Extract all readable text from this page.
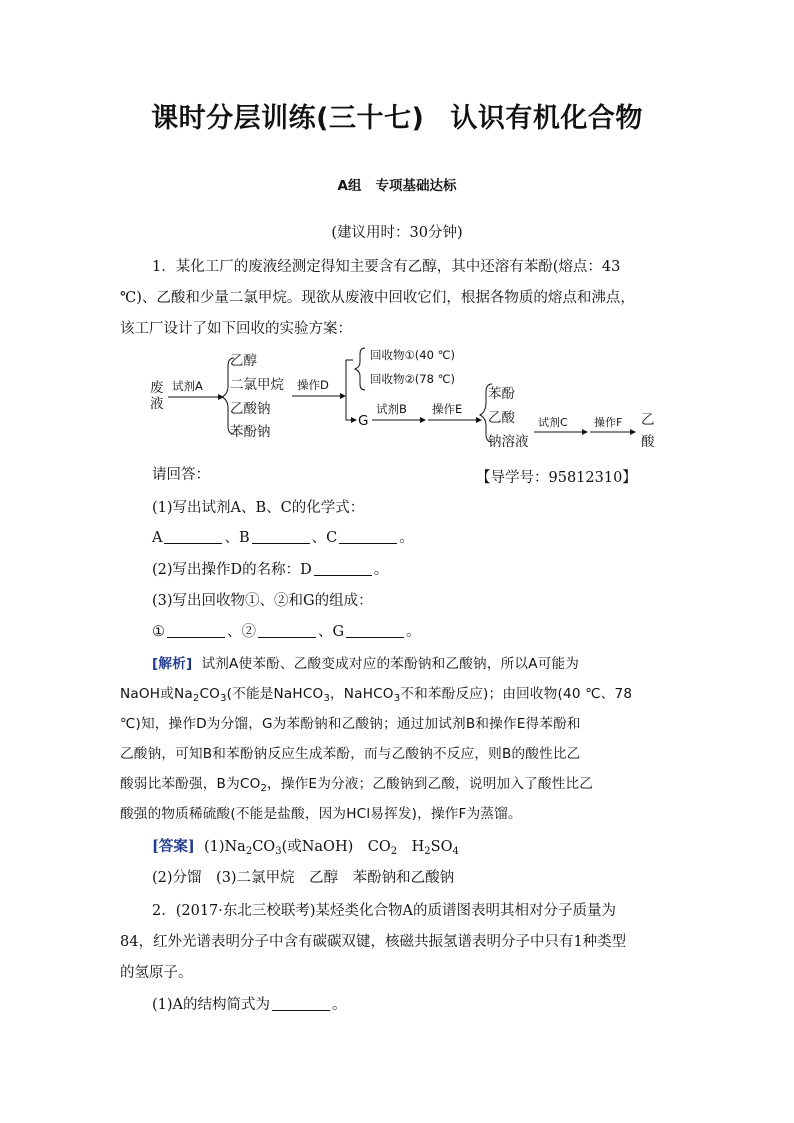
课时分层训练(三十七) 认识有机化合物
A组 专项基础达标
(建议用时：30分钟)
1．某化工厂的废液经测定得知主要含有乙醇，其中还溶有苯酚(熔点：43
℃)、乙酸和少量二氯甲烷。现欲从废液中回收它们，根据各物质的熔点和沸点，
该工厂设计了如下回收的实验方案：
废
液
试剂A
乙醇
二氯甲烷
乙酸钠
苯酚钠
操作D
回收物①(40 ℃)
回收物②(78 ℃)
G
试剂B 操作E
苯酚
乙酸
钠溶液
试剂C 操作F 乙
酸
请回答：	【导学号：95812310】
(1)写出试剂A、B、C的化学式：
A	、B	、C	。
(2)写出操作D的名称：D	。
(3)写出回收物①、②和G的组成：
①	、②	、G	。
[解析] 试剂A使苯酚、乙酸变成对应的苯酚钠和乙酸钠，所以A可能为
NaOH或$Na_2CO_3$(不能是NaHCO$_3$，NaHCO$_3$不和苯酚反应)；由回收物(40 ℃、78
℃)知，操作D为分馏，G为苯酚钠和乙酸钠；通过加试剂B和操作E得苯酚和
乙酸钠，可知B和苯酚钠反应生成苯酚，而与乙酸钠不反应，则B的酸性比乙
酸弱比苯酚强，B为$CO_2$，操作E为分液；乙酸钠到乙酸，说明加入了酸性比乙
酸强的物质稀硫酸(不能是盐酸，因为HCl易挥发)，操作F为蒸馏。
[答案] $(1)Na_2CO_3$(或NaOH)　$CO_2$　$H_2SO_4$
(2)分馏　(3)二氯甲烷　乙醇　苯酚钠和乙酸钠
2．(2017·东北三校联考)某烃类化合物A的质谱图表明其相对分子质量为
84，红外光谱表明分子中含有碳碳双键，核磁共振氢谱表明分子中只有1种类型
的氢原子。
(1)A的结构简式为	。
